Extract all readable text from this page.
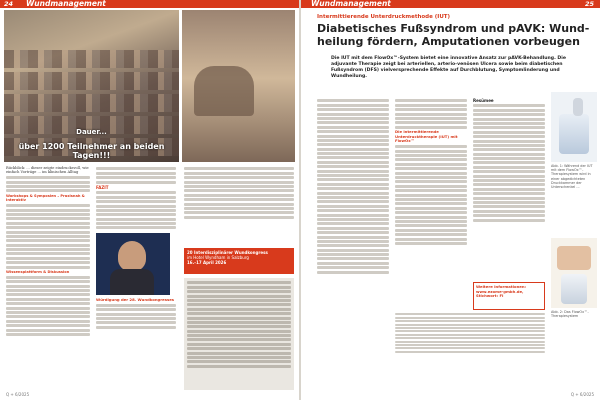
24 Wundmanagement
Dauer...
über 1200 Teilnehmer an beiden Tagen!!!
Rückblick: ... dieser zeigte eindrucksvoll, wie einfach Vorträge ... im klinischen Alltag
Workshops & Symposien – Praxisnah & Interaktiv
Wissensplattform & Diskussion
FAZIT
Würdigung der 28. Wundkongresses
20 Interdisziplinärer Wundkongress
im Hotel Wyndham in Salzburg
16.–17 April 2026
Q + 6/2025
Wundmanagement	25
Intermittierende Unterdruckmethode (IUT)
Diabetisches Fußsyndrom und pAVK: Wund-
heilung fördern, Amputationen vorbeugen
Die IUT mit dem FlowOx™-System bietet eine innovative Ansatz zur pAVK-Behandlung. Die adjuvante Therapie zeigt bei arteriellen, arterio-venösen Ulcera sowie beim diabetischen Fußsyndrom (DFS) vielversprechende Effekte auf Durchblutung, Symptomlinderung und Wundheilung.
Die intermittierende Unterdrucktherapie (IUT) mit FlowOx™
Resümee
Weitere Informationen: www.ezome-gmbh.de, Stichwort: FI
Abb. 1: Während der IUT mit dem FlowOx™-Therapiesystem wird in einer abgedichteten Druckkammer der Unterschenkel ...
Abb. 2: Das FlowOx™-Therapiesystem
Q + 6/2025
